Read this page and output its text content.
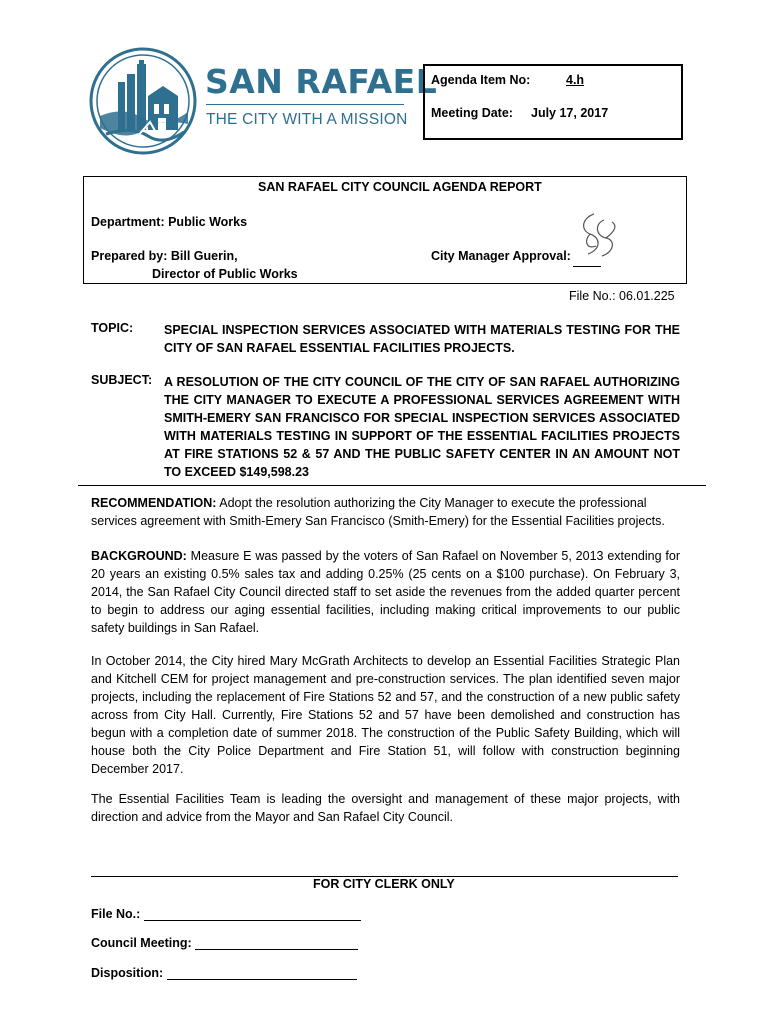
SAN RAFAEL
THE CITY WITH A MISSION
Agenda Item No:	4.h
Meeting Date: July 17, 2017
SAN RAFAEL CITY COUNCIL AGENDA REPORT
Department: Public Works
Prepared by: Bill Guerin,
Director of Public Works
City Manager Approval:
File No.: 06.01.225
TOPIC: SPECIAL INSPECTION SERVICES ASSOCIATED WITH MATERIALS TESTING FOR THE CITY OF SAN RAFAEL ESSENTIAL FACILITIES PROJECTS.
SUBJECT: A RESOLUTION OF THE CITY COUNCIL OF THE CITY OF SAN RAFAEL AUTHORIZING THE CITY MANAGER TO EXECUTE A PROFESSIONAL SERVICES AGREEMENT WITH SMITH-EMERY SAN FRANCISCO FOR SPECIAL INSPECTION SERVICES ASSOCIATED WITH MATERIALS TESTING IN SUPPORT OF THE ESSENTIAL FACILITIES PROJECTS AT FIRE STATIONS 52 & 57 AND THE PUBLIC SAFETY CENTER IN AN AMOUNT NOT TO EXCEED $149,598.23
RECOMMENDATION: Adopt the resolution authorizing the City Manager to execute the professional services agreement with Smith-Emery San Francisco (Smith-Emery) for the Essential Facilities projects.
BACKGROUND: Measure E was passed by the voters of San Rafael on November 5, 2013 extending for 20 years an existing 0.5% sales tax and adding 0.25% (25 cents on a $100 purchase). On February 3, 2014, the San Rafael City Council directed staff to set aside the revenues from the added quarter percent to begin to address our aging essential facilities, including making critical improvements to our public safety buildings in San Rafael.
In October 2014, the City hired Mary McGrath Architects to develop an Essential Facilities Strategic Plan and Kitchell CEM for project management and pre-construction services. The plan identified seven major projects, including the replacement of Fire Stations 52 and 57, and the construction of a new public safety across from City Hall. Currently, Fire Stations 52 and 57 have been demolished and construction has begun with a completion date of summer 2018. The construction of the Public Safety Building, which will house both the City Police Department and Fire Station 51, will follow with construction beginning December 2017.
The Essential Facilities Team is leading the oversight and management of these major projects, with direction and advice from the Mayor and San Rafael City Council.
FOR CITY CLERK ONLY
File No.:
Council Meeting:
Disposition:
